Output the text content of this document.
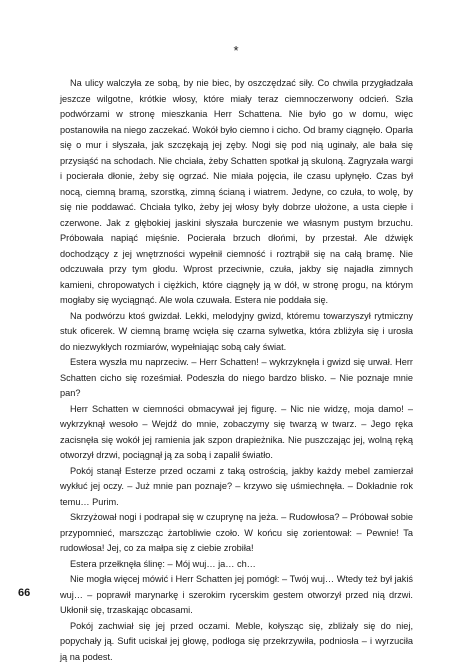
*

Na ulicy walczyła ze sobą, by nie biec, by oszczędzać siły. Co chwila przygładzała jeszcze wilgotne, krótkie włosy, które miały teraz ciemnoczerwony odcień. Szła podwórzami w stronę mieszkania Herr Schattena. Nie było go w domu, więc postanowiła na niego zaczekać. Wokół było ciemno i cicho. Od bramy ciągnęło. Oparła się o mur i słyszała, jak szczękają jej zęby. Nogi się pod nią uginały, ale bała się przysiąść na schodach. Nie chciała, żeby Schatten spotkał ją skuloną. Zagryzała wargi i pocierała dłonie, żeby się ogrzać. Nie miała pojęcia, ile czasu upłynęło. Czas był nocą, ciemną bramą, szorstką, zimną ścianą i wiatrem. Jedyne, co czuła, to wolę, by się nie poddawać. Chciała tylko, żeby jej włosy były dobrze ułożone, a usta ciepłe i czerwone. Jak z głębokiej jaskini słyszała burczenie we własnym pustym brzuchu. Próbowała napiąć mięśnie. Pocierała brzuch dłońmi, by przestał. Ale dźwięk dochodzący z jej wnętrzności wypełnił ciemność i roztrąbił się na całą bramę. Nie odczuwała przy tym głodu. Wprost przeciwnie, czuła, jakby się najadła zimnych kamieni, chropowatych i ciężkich, które ciągnęły ją w dół, w stronę progu, na którym mogłaby się wyciągnąć. Ale wola czuwała. Estera nie poddała się.

Na podwórzu ktoś gwizdał. Lekki, melodyjny gwizd, któremu towarzyszył rytmiczny stuk oficerek. W ciemną bramę wcięła się czarna sylwetka, która zbliżyła się i urosła do niezwykłych rozmiarów, wypełniając sobą cały świat.

Estera wyszła mu naprzeciw. – Herr Schatten! – wykrzyknęła i gwizd się urwał. Herr Schatten cicho się roześmiał. Podeszła do niego bardzo blisko. – Nie poznaje mnie pan?

Herr Schatten w ciemności obmacywał jej figurę. – Nic nie widzę, moja damo! – wykrzyknął wesoło – Wejdź do mnie, zobaczymy się twarzą w twarz. – Jego ręka zacisnęła się wokół jej ramienia jak szpon drapieżnika. Nie puszczając jej, wolną ręką otworzył drzwi, pociągnął ją za sobą i zapalił światło.

Pokój stanął Esterze przed oczami z taką ostrością, jakby każdy mebel zamierzał wykłuć jej oczy. – Już mnie pan poznaje? – krzywo się uśmiechnęła. – Dokładnie rok temu… Purim.

Skrzyżował nogi i podrapał się w czuprynę na jeża. – Rudowłosa? – Próbował sobie przypomnieć, marszcząc żartobliwie czoło. W końcu się zorientował: – Pewnie! Ta rudowłosa! Jej, co za małpa się z ciebie zrobiła!

Estera przełknęła ślinę: – Mój wuj… ja… ch…

Nie mogła więcej mówić i Herr Schatten jej pomógł: – Twój wuj… Wtedy też był jakiś wuj… – poprawił marynarkę i szerokim rycerskim gestem otworzył przed nią drzwi. Ukłonił się, trzaskając obcasami.

Pokój zachwiał się jej przed oczami. Meble, kołysząc się, zbliżały się do niej, popychały ją. Sufit uciskał jej głowę, podłoga się przekrzywiła, podniosła – i wyrzuciła ją na podest.

66
